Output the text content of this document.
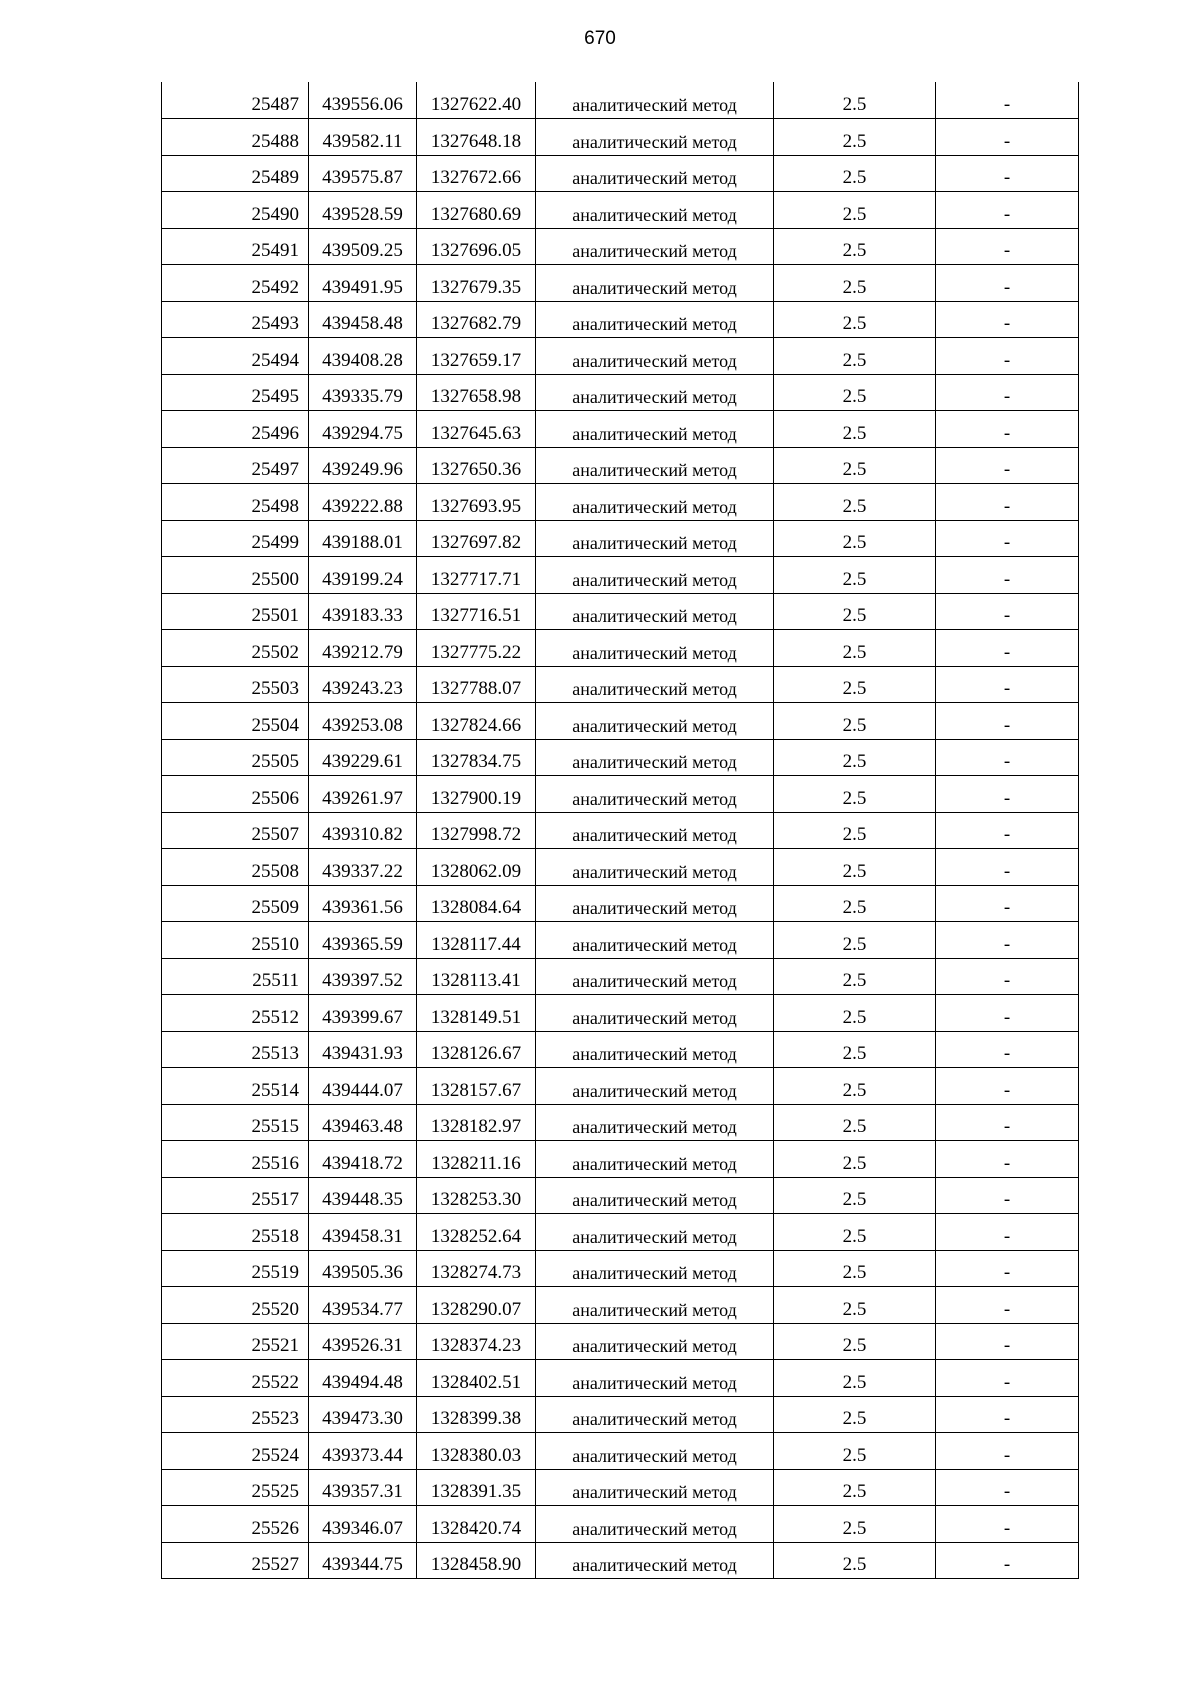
670
25487	439556.06	1327622.40	аналитический метод	2.5	-
25488	439582.11	1327648.18	аналитический метод	2.5	-
25489	439575.87	1327672.66	аналитический метод	2.5	-
25490	439528.59	1327680.69	аналитический метод	2.5	-
25491	439509.25	1327696.05	аналитический метод	2.5	-
25492	439491.95	1327679.35	аналитический метод	2.5	-
25493	439458.48	1327682.79	аналитический метод	2.5	-
25494	439408.28	1327659.17	аналитический метод	2.5	-
25495	439335.79	1327658.98	аналитический метод	2.5	-
25496	439294.75	1327645.63	аналитический метод	2.5	-
25497	439249.96	1327650.36	аналитический метод	2.5	-
25498	439222.88	1327693.95	аналитический метод	2.5	-
25499	439188.01	1327697.82	аналитический метод	2.5	-
25500	439199.24	1327717.71	аналитический метод	2.5	-
25501	439183.33	1327716.51	аналитический метод	2.5	-
25502	439212.79	1327775.22	аналитический метод	2.5	-
25503	439243.23	1327788.07	аналитический метод	2.5	-
25504	439253.08	1327824.66	аналитический метод	2.5	-
25505	439229.61	1327834.75	аналитический метод	2.5	-
25506	439261.97	1327900.19	аналитический метод	2.5	-
25507	439310.82	1327998.72	аналитический метод	2.5	-
25508	439337.22	1328062.09	аналитический метод	2.5	-
25509	439361.56	1328084.64	аналитический метод	2.5	-
25510	439365.59	1328117.44	аналитический метод	2.5	-
25511	439397.52	1328113.41	аналитический метод	2.5	-
25512	439399.67	1328149.51	аналитический метод	2.5	-
25513	439431.93	1328126.67	аналитический метод	2.5	-
25514	439444.07	1328157.67	аналитический метод	2.5	-
25515	439463.48	1328182.97	аналитический метод	2.5	-
25516	439418.72	1328211.16	аналитический метод	2.5	-
25517	439448.35	1328253.30	аналитический метод	2.5	-
25518	439458.31	1328252.64	аналитический метод	2.5	-
25519	439505.36	1328274.73	аналитический метод	2.5	-
25520	439534.77	1328290.07	аналитический метод	2.5	-
25521	439526.31	1328374.23	аналитический метод	2.5	-
25522	439494.48	1328402.51	аналитический метод	2.5	-
25523	439473.30	1328399.38	аналитический метод	2.5	-
25524	439373.44	1328380.03	аналитический метод	2.5	-
25525	439357.31	1328391.35	аналитический метод	2.5	-
25526	439346.07	1328420.74	аналитический метод	2.5	-
25527	439344.75	1328458.90	аналитический метод	2.5	-
